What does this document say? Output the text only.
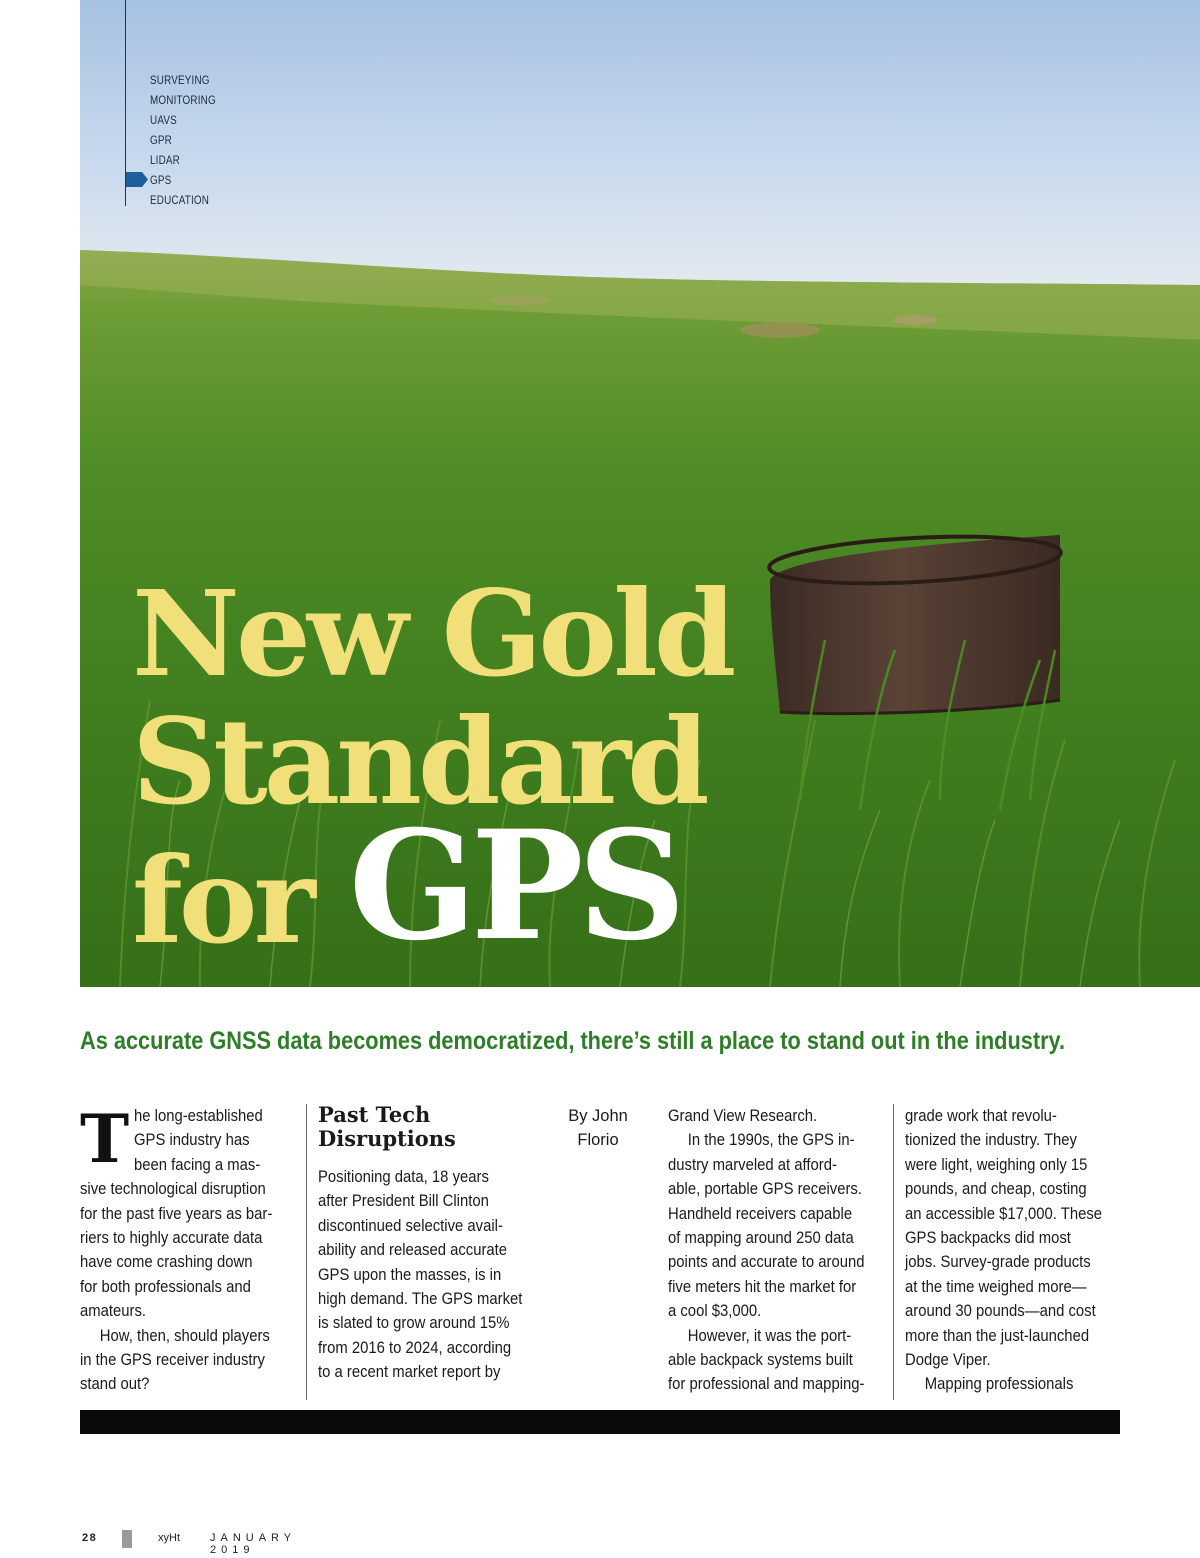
SURVEYING
MONITORING
UAVS
GPR
LIDAR
GPS
EDUCATION
New Gold
Standard
for GPS

As accurate GNSS data becomes democratized, there’s still a place to stand out in the industry.

T he long-established
GPS industry has
been facing a mas-
sive technological disruption
for the past five years as bar-
riers to highly accurate data
have come crashing down
for both professionals and
amateurs.
How, then, should players
in the GPS receiver industry
stand out?
Past Tech
Disruptions
Positioning data, 18 years
after President Bill Clinton
discontinued selective avail-
ability and released accurate
GPS upon the masses, is in
high demand. The GPS market
is slated to grow around 15%
from 2016 to 2024, according
to a recent market report by
By John
Florio
Grand View Research.
In the 1990s, the GPS in-
dustry marveled at afford-
able, portable GPS receivers.
Handheld receivers capable
of mapping around 250 data
points and accurate to around
five meters hit the market for
a cool $3,000.
However, it was the port-
able backpack systems built
for professional and mapping-
grade work that revolu-
tionized the industry. They
were light, weighing only 15
pounds, and cheap, costing
an accessible $17,000. These
GPS backpacks did most
jobs. Survey-grade products
at the time weighed more—
around 30 pounds—and cost
more than the just-launched
Dodge Viper.
Mapping professionals
28	xyHt	JANUARY 2019
